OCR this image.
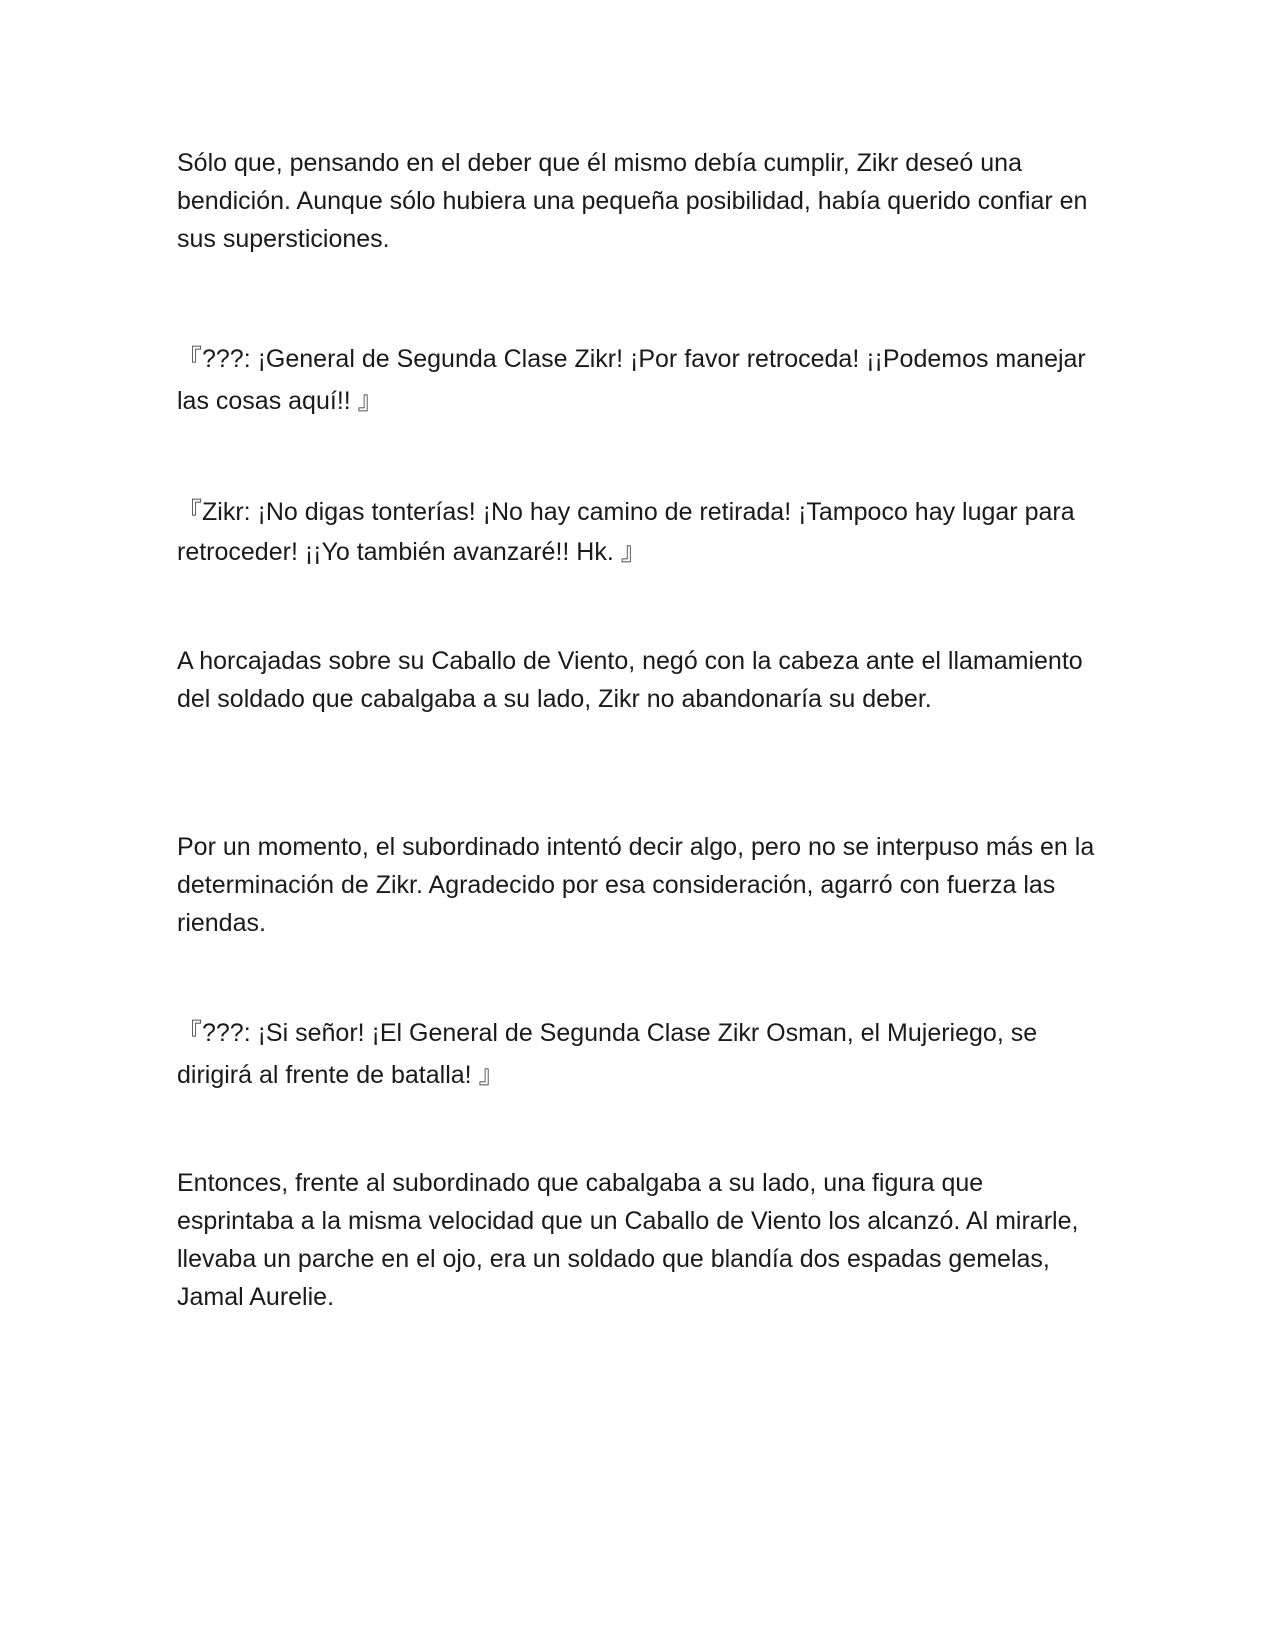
Sólo que, pensando en el deber que él mismo debía cumplir, Zikr deseó una bendición. Aunque sólo hubiera una pequeña posibilidad, había querido confiar en sus supersticiones.

『???: ¡General de Segunda Clase Zikr! ¡Por favor retroceda! ¡¡Podemos manejar las cosas aquí!! 』

『Zikr: ¡No digas tonterías! ¡No hay camino de retirada! ¡Tampoco hay lugar para retroceder! ¡¡Yo también avanzaré!! Hk. 』

A horcajadas sobre su Caballo de Viento, negó con la cabeza ante el llamamiento del soldado que cabalgaba a su lado, Zikr no abandonaría su deber.

Por un momento, el subordinado intentó decir algo, pero no se interpuso más en la determinación de Zikr. Agradecido por esa consideración, agarró con fuerza las riendas.

『???: ¡Si señor! ¡El General de Segunda Clase Zikr Osman, el Mujeriego, se dirigirá al frente de batalla! 』

Entonces, frente al subordinado que cabalgaba a su lado, una figura que esprintaba a la misma velocidad que un Caballo de Viento los alcanzó. Al mirarle, llevaba un parche en el ojo, era un soldado que blandía dos espadas gemelas, Jamal Aurelie.
